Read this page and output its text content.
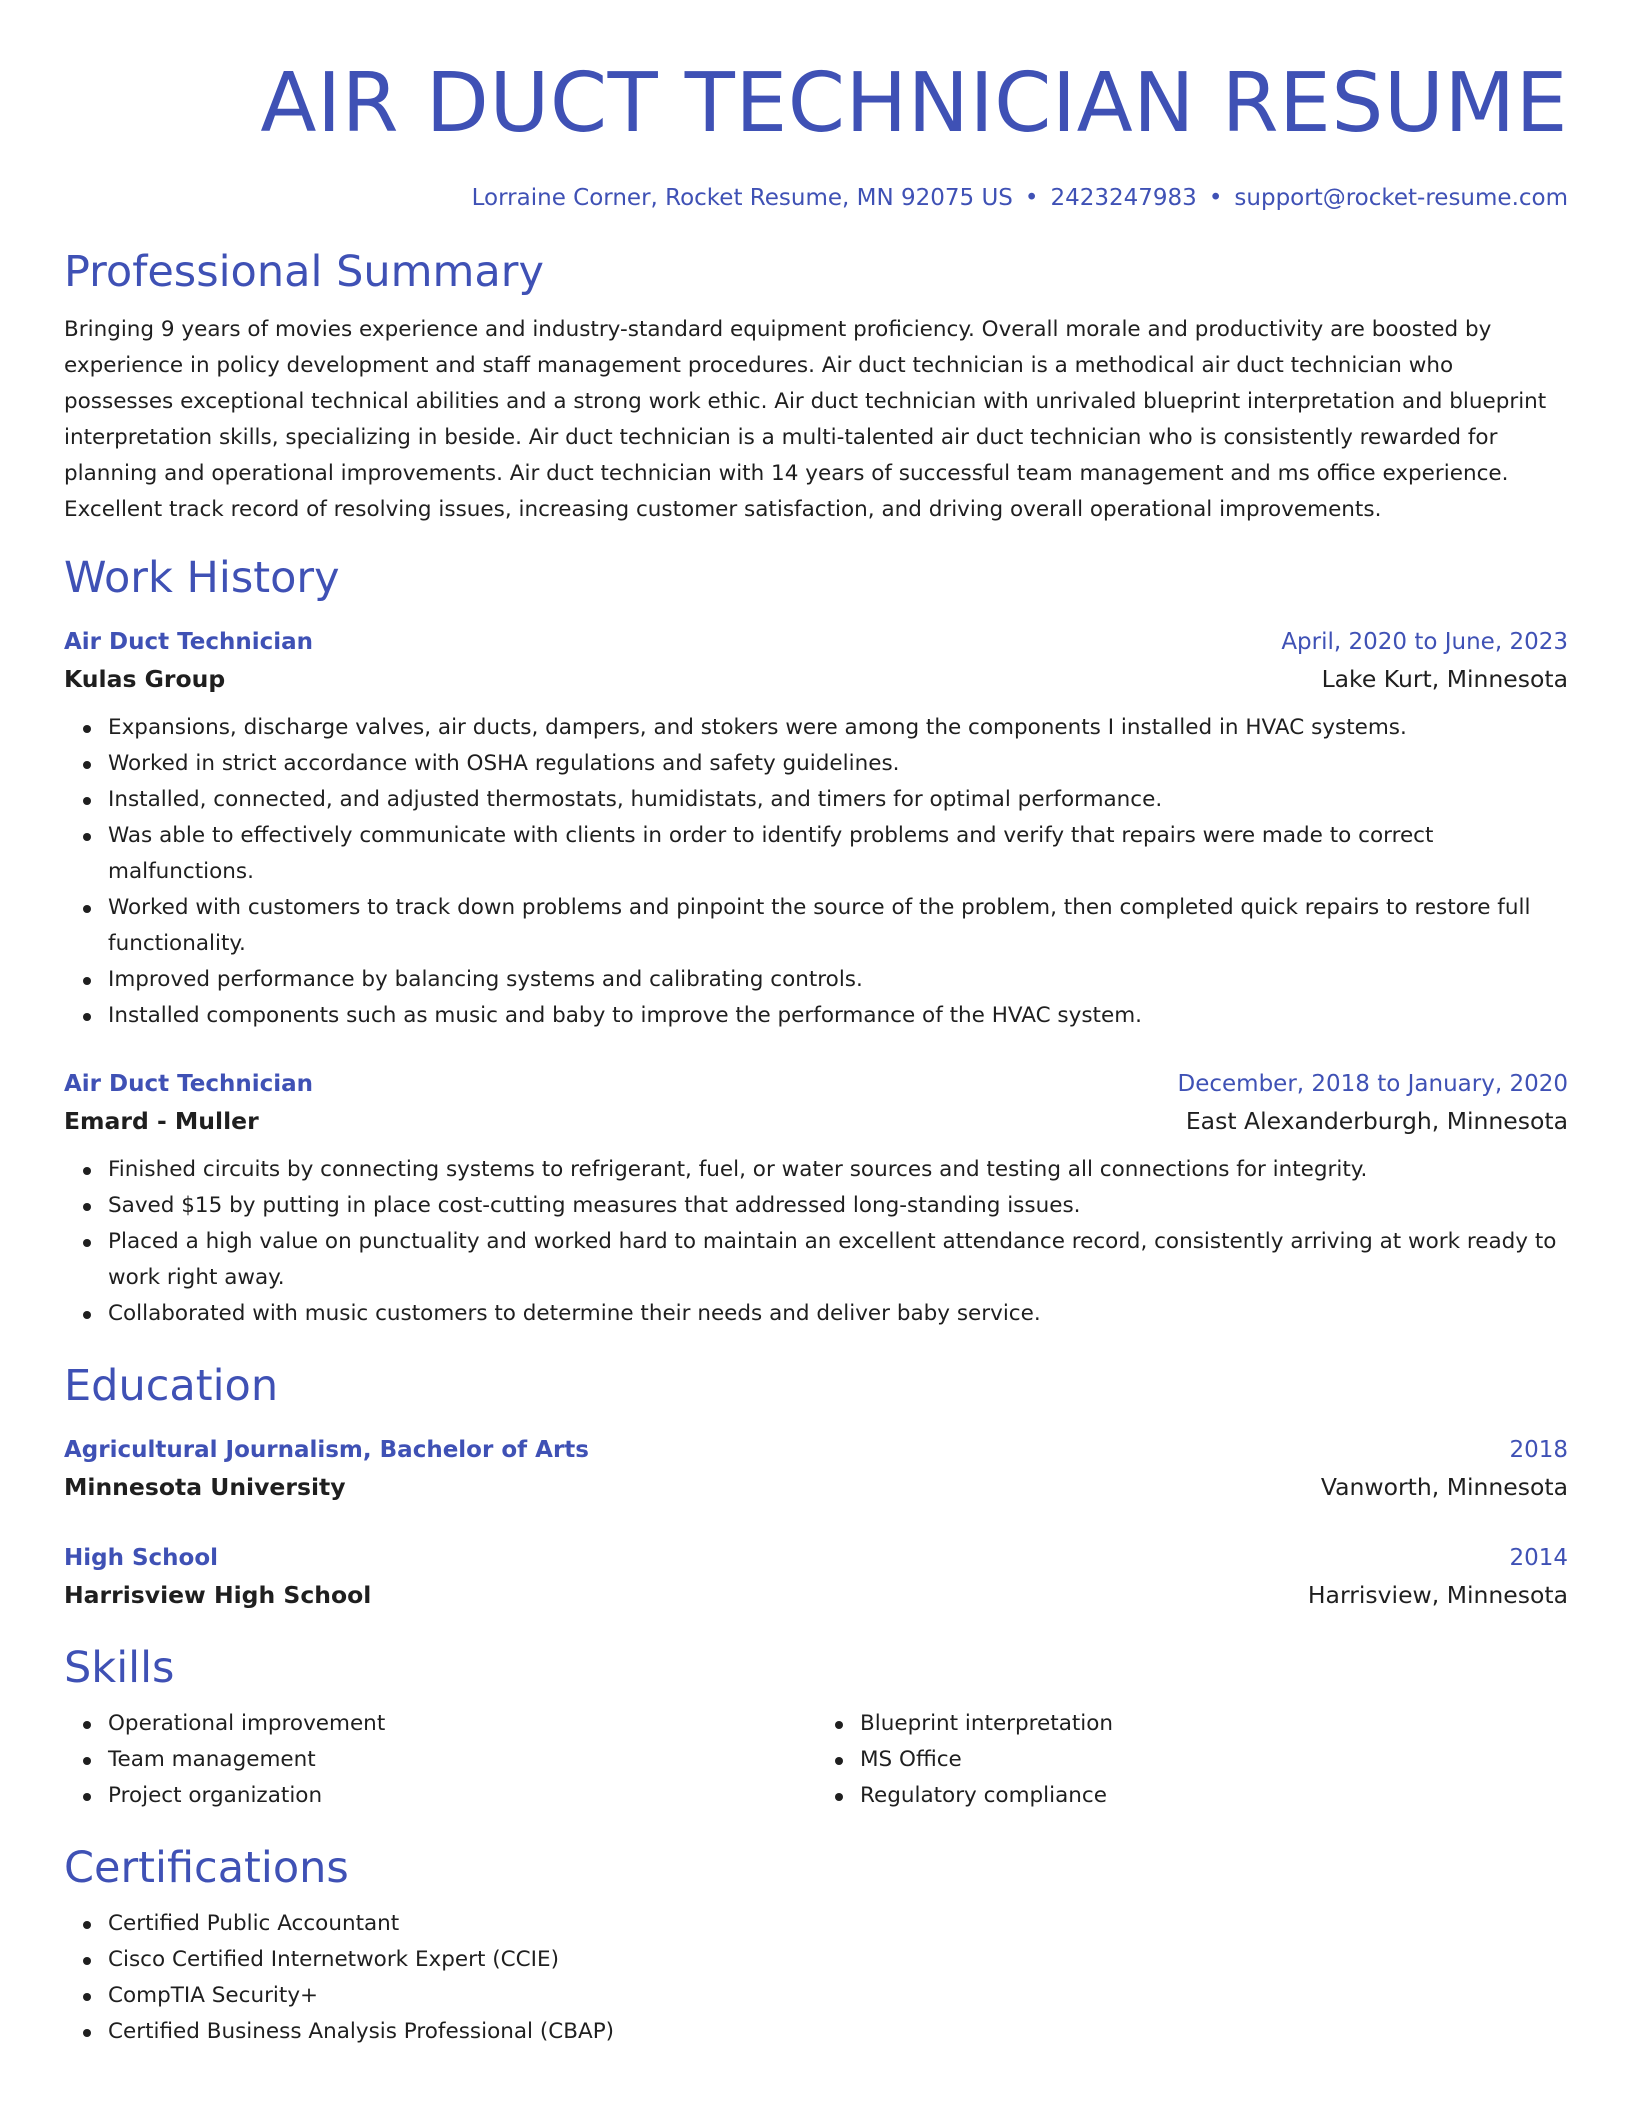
AIR DUCT TECHNICIAN RESUME
Lorraine Corner, Rocket Resume, MN 92075 US • 2423247983 • support@rocket-resume.com
Professional Summary
Bringing 9 years of movies experience and industry-standard equipment proficiency. Overall morale and productivity are boosted by experience in policy development and staff management procedures. Air duct technician is a methodical air duct technician who possesses exceptional technical abilities and a strong work ethic. Air duct technician with unrivaled blueprint interpretation and blueprint interpretation skills, specializing in beside. Air duct technician is a multi-talented air duct technician who is consistently rewarded for planning and operational improvements. Air duct technician with 14 years of successful team management and ms office experience. Excellent track record of resolving issues, increasing customer satisfaction, and driving overall operational improvements.
Work History
Air Duct Technician	April, 2020 to June, 2023
Kulas Group	Lake Kurt, Minnesota
Expansions, discharge valves, air ducts, dampers, and stokers were among the components I installed in HVAC systems.
Worked in strict accordance with OSHA regulations and safety guidelines.
Installed, connected, and adjusted thermostats, humidistats, and timers for optimal performance.
Was able to effectively communicate with clients in order to identify problems and verify that repairs were made to correct malfunctions.
Worked with customers to track down problems and pinpoint the source of the problem, then completed quick repairs to restore full functionality.
Improved performance by balancing systems and calibrating controls.
Installed components such as music and baby to improve the performance of the HVAC system.
Air Duct Technician	December, 2018 to January, 2020
Emard - Muller	East Alexanderburgh, Minnesota
Finished circuits by connecting systems to refrigerant, fuel, or water sources and testing all connections for integrity.
Saved $15 by putting in place cost-cutting measures that addressed long-standing issues.
Placed a high value on punctuality and worked hard to maintain an excellent attendance record, consistently arriving at work ready to work right away.
Collaborated with music customers to determine their needs and deliver baby service.
Education
Agricultural Journalism, Bachelor of Arts	2018
Minnesota University	Vanworth, Minnesota
High School	2014
Harrisview High School	Harrisview, Minnesota
Skills
Operational improvement
Team management
Project organization
Blueprint interpretation
MS Office
Regulatory compliance
Certifications
Certified Public Accountant
Cisco Certified Internetwork Expert (CCIE)
CompTIA Security+
Certified Business Analysis Professional (CBAP)
